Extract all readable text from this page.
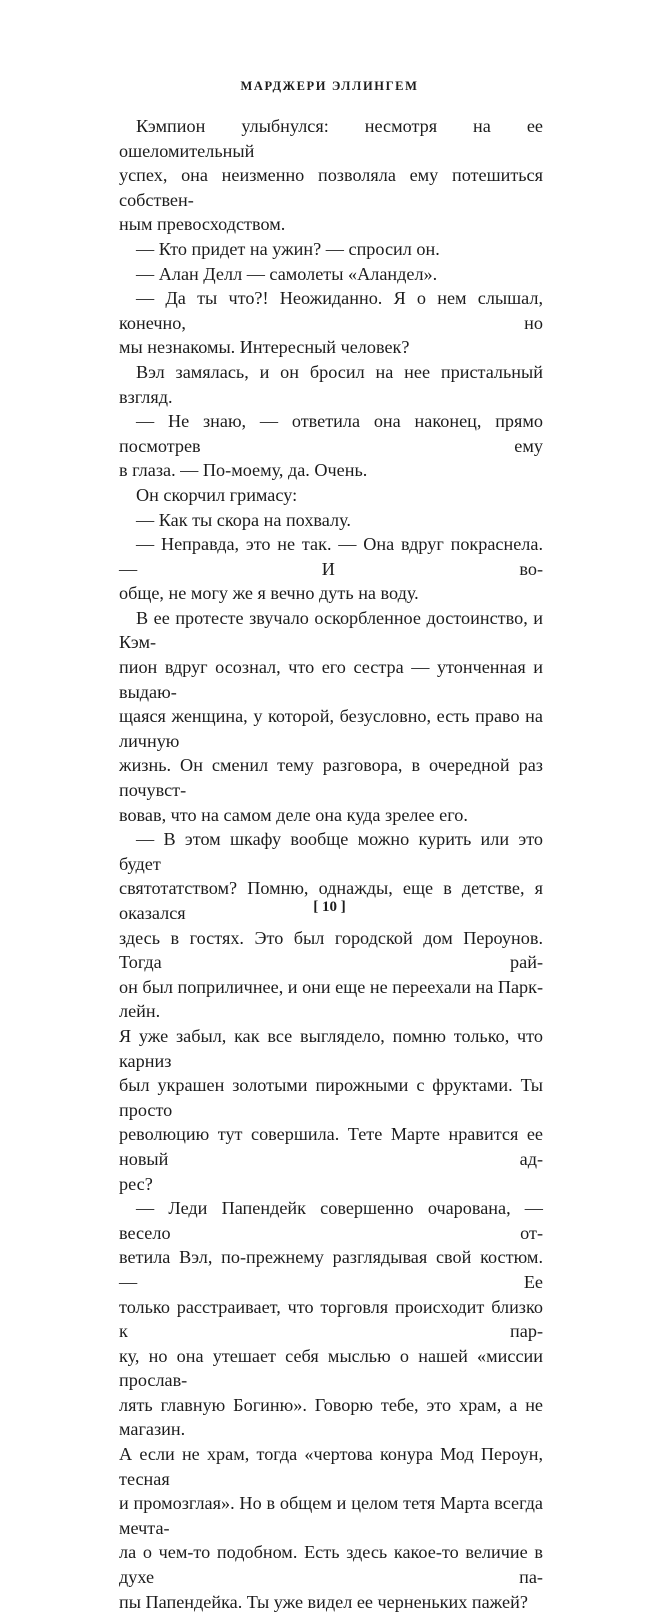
МАРДЖЕРИ ЭЛЛИНГЕМ

Кэмпион улыбнулся: несмотря на ее ошеломительный

успех, она неизменно позволяла ему потешиться собствен-

ным превосходством.

— Кто придет на ужин? — спросил он.

— Алан Делл — самолеты «Аландел».

— Да ты что?! Неожиданно. Я о нем слышал, конечно, но

мы незнакомы. Интересный человек?

Вэл замялась, и он бросил на нее пристальный взгляд.

— Не знаю, — ответила она наконец, прямо посмотрев ему

в глаза. — По-моему, да. Очень.

Он скорчил гримасу:

— Как ты скора на похвалу.

— Неправда, это не так. — Она вдруг покраснела. — И во-

обще, не могу же я вечно дуть на воду.

В ее протесте звучало оскорбленное достоинство, и Кэм-

пион вдруг осознал, что его сестра — утонченная и выдаю-

щаяся женщина, у которой, безусловно, есть право на личную

жизнь. Он сменил тему разговора, в очередной раз почувст-

вовав, что на самом деле она куда зрелее его.

— В этом шкафу вообще можно курить или это будет

святотатством? Помню, однажды, еще в детстве, я оказался

здесь в гостях. Это был городской дом Пероунов. Тогда рай-

он был поприличнее, и они еще не переехали на Парк-лейн.

Я уже забыл, как все выглядело, помню только, что карниз

был украшен золотыми пирожными с фруктами. Ты просто

революцию тут совершила. Тете Марте нравится ее новый ад-

рес?

— Леди Папендейк совершенно очарована, — весело от-

ветила Вэл, по-прежнему разглядывая свой костюм. — Ее

только расстраивает, что торговля происходит близко к пар-

ку, но она утешает себя мыслью о нашей «миссии прослав-

лять главную Богиню». Говорю тебе, это храм, а не магазин.

А если не храм, тогда «чертова конура Мод Пероун, тесная

и промозглая». Но в общем и целом тетя Марта всегда мечта-

ла о чем-то подобном. Есть здесь какое-то величие в духе па-

пы Папендейка. Ты уже видел ее черненьких пажей?

[ 10 ]
